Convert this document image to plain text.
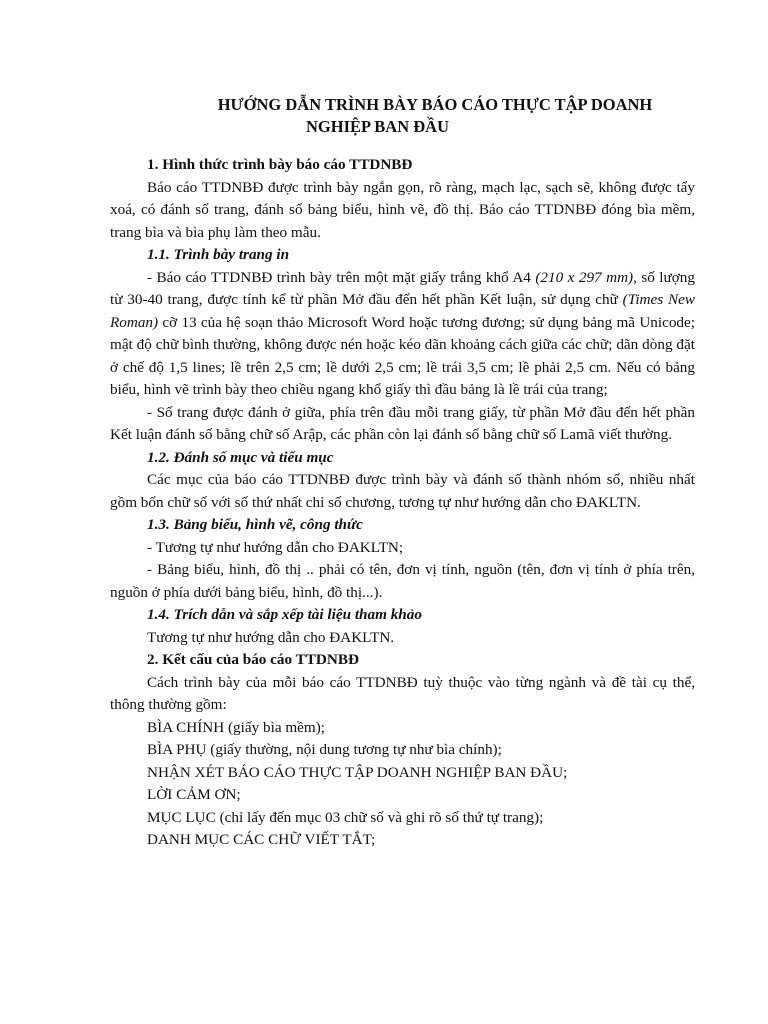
HƯỚNG DẪN TRÌNH BÀY BÁO CÁO THỰC TẬP DOANH
NGHIỆP BAN ĐẦU

1. Hình thức trình bày báo cáo TTDNBĐ

Báo cáo TTDNBĐ được trình bày ngắn gọn, rõ ràng, mạch lạc, sạch sẽ, không được tẩy xoá, có đánh số trang, đánh số bảng biểu, hình vẽ, đồ thị. Báo cáo TTDNBĐ đóng bìa mềm, trang bìa và bìa phụ làm theo mẫu.

1.1. Trình bày trang in

- Báo cáo TTDNBĐ trình bày trên một mặt giấy trắng khổ A4 (210 x 297 mm), số lượng từ 30-40 trang, được tính kể từ phần Mở đầu đến hết phần Kết luận, sử dụng chữ (Times New Roman) cỡ 13 của hệ soạn thảo Microsoft Word hoặc tương đương; sử dụng bảng mã Unicode; mật độ chữ bình thường, không được nén hoặc kéo dãn khoảng cách giữa các chữ; dãn dòng đặt ở chế độ 1,5 lines; lề trên 2,5 cm; lề dưới 2,5 cm; lề trái 3,5 cm; lề phải 2,5 cm. Nếu có bảng biểu, hình vẽ trình bày theo chiều ngang khổ giấy thì đầu bảng là lề trái của trang;

- Số trang được đánh ở giữa, phía trên đầu mỗi trang giấy, từ phần Mở đầu đến hết phần Kết luận đánh số bằng chữ số Arập, các phần còn lại đánh số bằng chữ số Lamã viết thường.

1.2. Đánh số mục và tiểu mục

Các mục của báo cáo TTDNBĐ được trình bày và đánh số thành nhóm số, nhiều nhất gồm bốn chữ số với số thứ nhất chỉ số chương, tương tự như hướng dẫn cho ĐAKLTN.

1.3. Bảng biểu, hình vẽ, công thức

- Tương tự như hướng dẫn cho ĐAKLTN;

- Bảng biểu, hình, đồ thị .. phải có tên, đơn vị tính, nguồn (tên, đơn vị tính ở phía trên, nguồn ở phía dưới bảng biểu, hình, đồ thị...).

1.4. Trích dẫn và sắp xếp tài liệu tham khảo

Tương tự như hướng dẫn cho ĐAKLTN.

2. Kết cấu của báo cáo TTDNBĐ

Cách trình bày của mỗi báo cáo TTDNBĐ tuỳ thuộc vào từng ngành và đề tài cụ thể, thông thường gồm:

BÌA CHÍNH (giấy bìa mềm);

BÌA PHỤ (giấy thường, nội dung tương tự như bìa chính);

NHẬN XÉT BÁO CÁO THỰC TẬP DOANH NGHIỆP BAN ĐẦU;

LỜI CẢM ƠN;

MỤC LỤC (chỉ lấy đến mục 03 chữ số và ghi rõ số thứ tự trang);

DANH MỤC CÁC CHỮ VIẾT TẮT;
